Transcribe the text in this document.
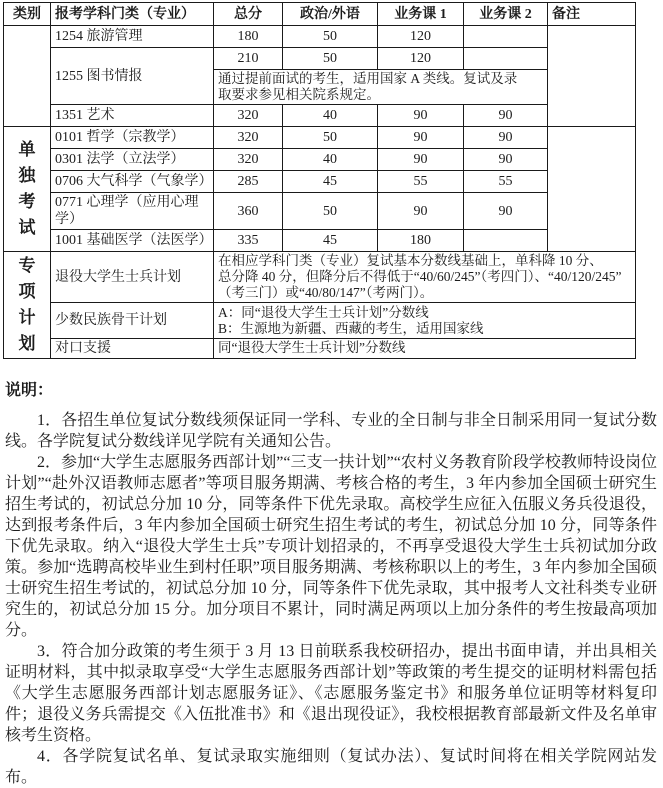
类别	报考学科门类（专业）	总分	政治/外语	业务课 1	业务课 2	备注
	1254 旅游管理	180	50	120		
	1255 图书情报	210	50	120		

		通过提前面试的考生，适用国家 A 类线。复试及录
取要求参见相关院系规定。				

	1351 艺术	320	40	90	90	

单独考试	0101 哲学（宗教学）	320	50	90	90	
	0301 法学（立法学）	320	40	90	90	
	0706 大气科学（气象学）	285	45	55	55	
	0771 心理学（应用心理学）	360	50	90	90	
	1001 基础医学（法医学）	335	45	180		

专项计划	退役大学生士兵计划	在相应学科门类（专业）复试基本分数线基础上，单科降 10 分、
总分降 40 分，但降分后不得低于“40/60/245”（考四门）、“40/120/245”
（考三门）或“40/80/147”（考两门）。				

	少数民族骨干计划	A：同“退役大学生士兵计划”分数线
B：生源地为新疆、西藏的考生，适用国家线				

	对口支援	同“退役大学生士兵计划”分数线				
说明：

1．各招生单位复试分数线须保证同一学科、专业的全日制与非全日制采用同一复试分数线。各学院复试分数线详见学院有关通知公告。

2．参加“大学生志愿服务西部计划”“三支一扶计划”“农村义务教育阶段学校教师特设岗位计划”“赴外汉语教师志愿者”等项目服务期满、考核合格的考生，3 年内参加全国硕士研究生招生考试的，初试总分加 10 分，同等条件下优先录取。高校学生应征入伍服义务兵役退役，达到报考条件后，3 年内参加全国硕士研究生招生考试的考生，初试总分加 10 分，同等条件下优先录取。纳入“退役大学生士兵”专项计划招录的，不再享受退役大学生士兵初试加分政策。参加“选聘高校毕业生到村任职”项目服务期满、考核称职以上的考生，3 年内参加全国硕士研究生招生考试的，初试总分加 10 分，同等条件下优先录取，其中报考人文社科类专业研究生的，初试总分加 15 分。加分项目不累计，同时满足两项以上加分条件的考生按最高项加分。

3．符合加分政策的考生须于 3 月 13 日前联系我校研招办，提出书面申请，并出具相关证明材料，其中拟录取享受“大学生志愿服务西部计划”等政策的考生提交的证明材料需包括《大学生志愿服务西部计划志愿服务证》、《志愿服务鉴定书》和服务单位证明等材料复印件；退役义务兵需提交《入伍批准书》和《退出现役证》，我校根据教育部最新文件及名单审核考生资格。

4．各学院复试名单、复试录取实施细则（复试办法）、复试时间将在相关学院网站发布。
